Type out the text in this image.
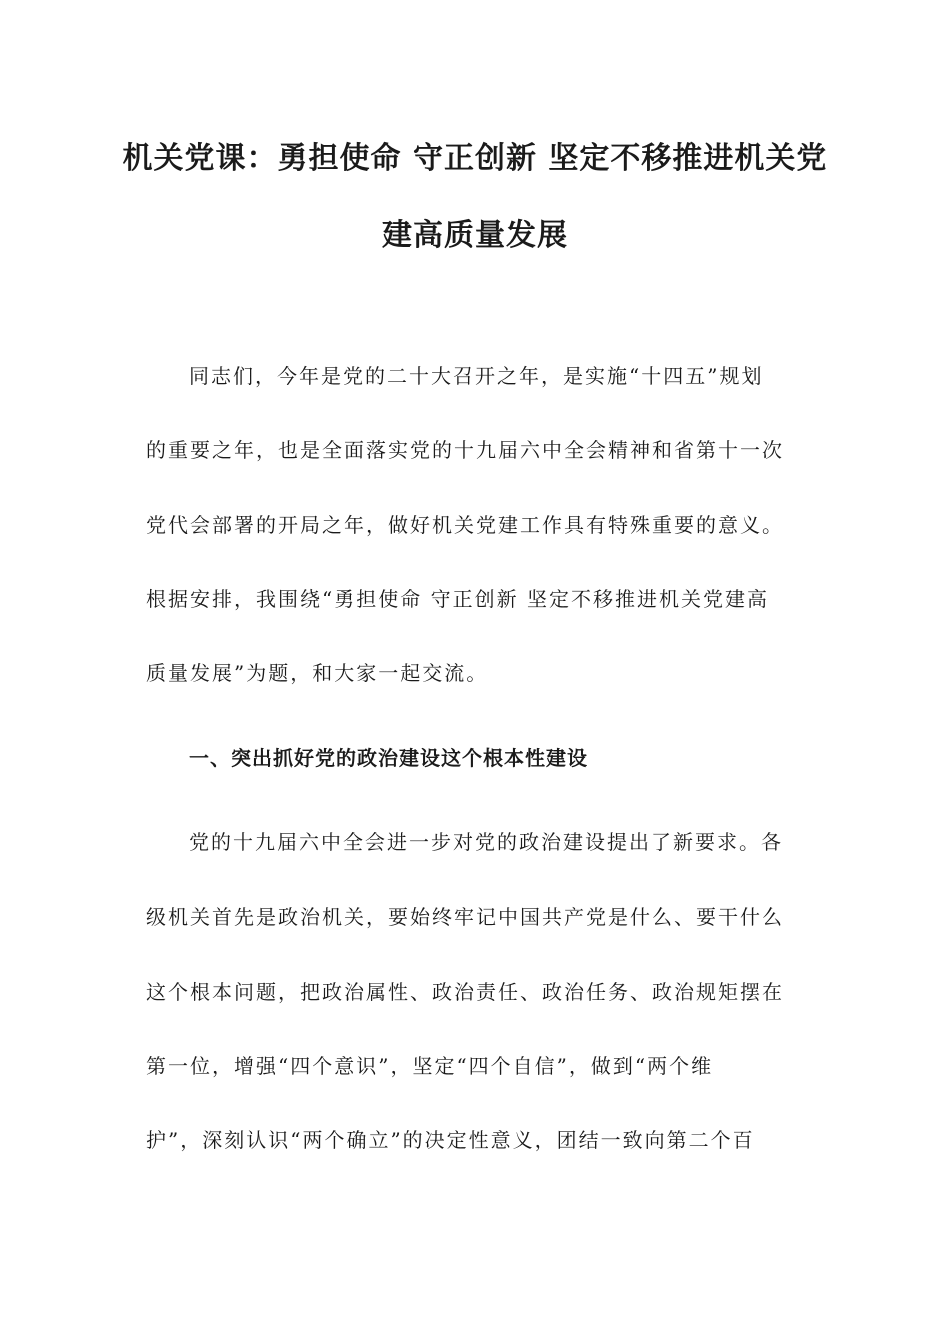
机关党课：勇担使命 守正创新 坚定不移推进机关党
建高质量发展

同志们，今年是党的二十大召开之年，是实施“十四五”规划

的重要之年，也是全面落实党的十九届六中全会精神和省第十一次

党代会部署的开局之年，做好机关党建工作具有特殊重要的意义。

根据安排，我围绕“勇担使命 守正创新 坚定不移推进机关党建高

质量发展”为题，和大家一起交流。

一、突出抓好党的政治建设这个根本性建设

党的十九届六中全会进一步对党的政治建设提出了新要求。各

级机关首先是政治机关，要始终牢记中国共产党是什么、要干什么

这个根本问题，把政治属性、政治责任、政治任务、政治规矩摆在

第一位，增强“四个意识”，坚定“四个自信”，做到“两个维

护”，深刻认识“两个确立”的决定性意义，团结一致向第二个百
